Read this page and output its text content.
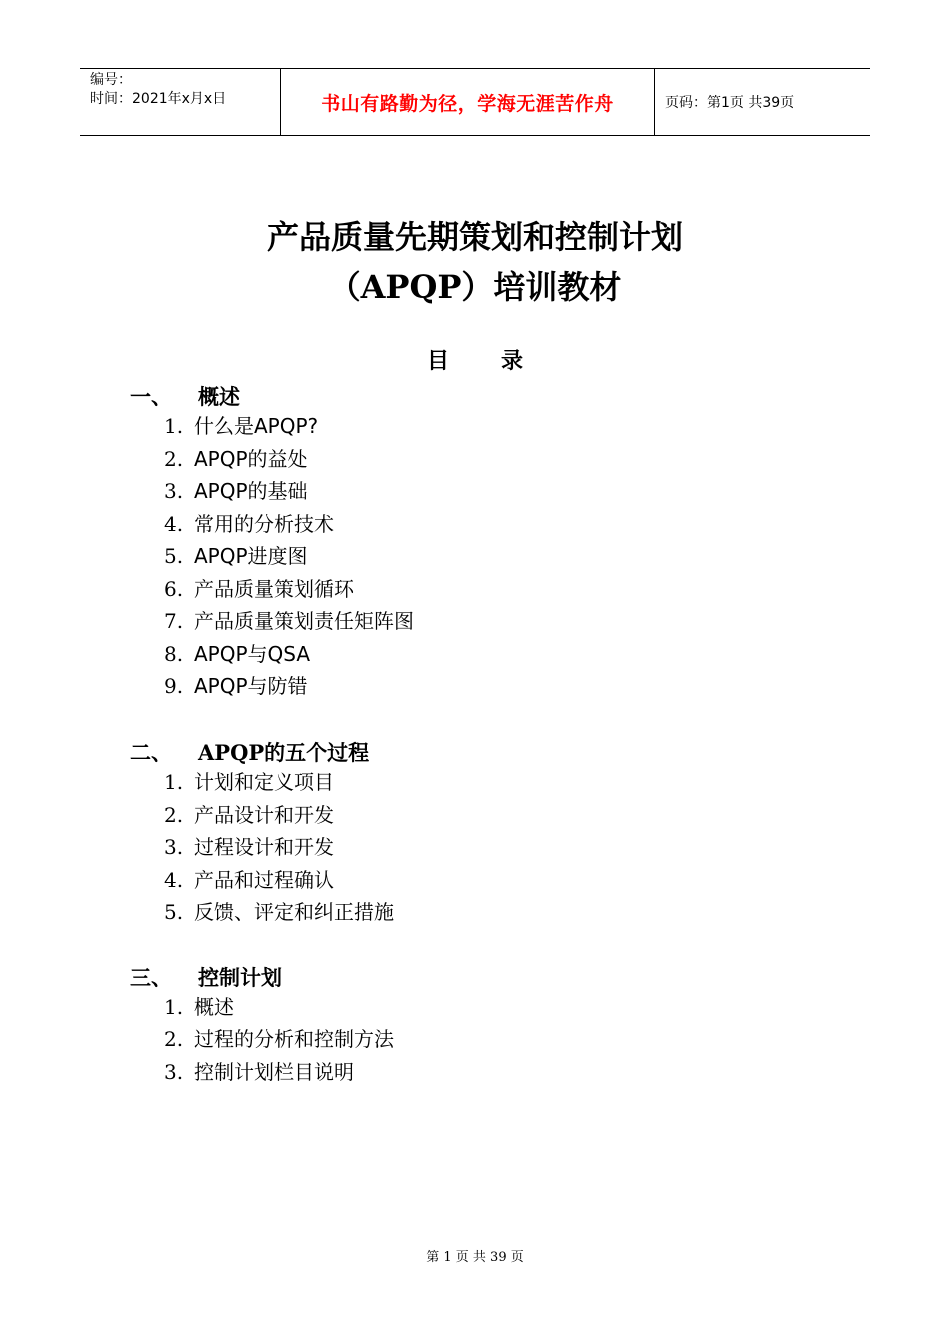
编号：
时间：2021年x月x日	书山有路勤为径，学海无涯苦作舟	页码：第1页 共39页
产品质量先期策划和控制计划
（APQP）培训教材
目 录
一、 概述
1. 什么是APQP?
2. APQP的益处
3. APQP的基础
4. 常用的分析技术
5. APQP进度图
6. 产品质量策划循环
7. 产品质量策划责任矩阵图
8. APQP与QSA
9. APQP与防错
二、 APQP的五个过程
1. 计划和定义项目
2. 产品设计和开发
3. 过程设计和开发
4. 产品和过程确认
5. 反馈、评定和纠正措施
三、 控制计划
1. 概述
2. 过程的分析和控制方法
3. 控制计划栏目说明
第 1 页 共 39 页
